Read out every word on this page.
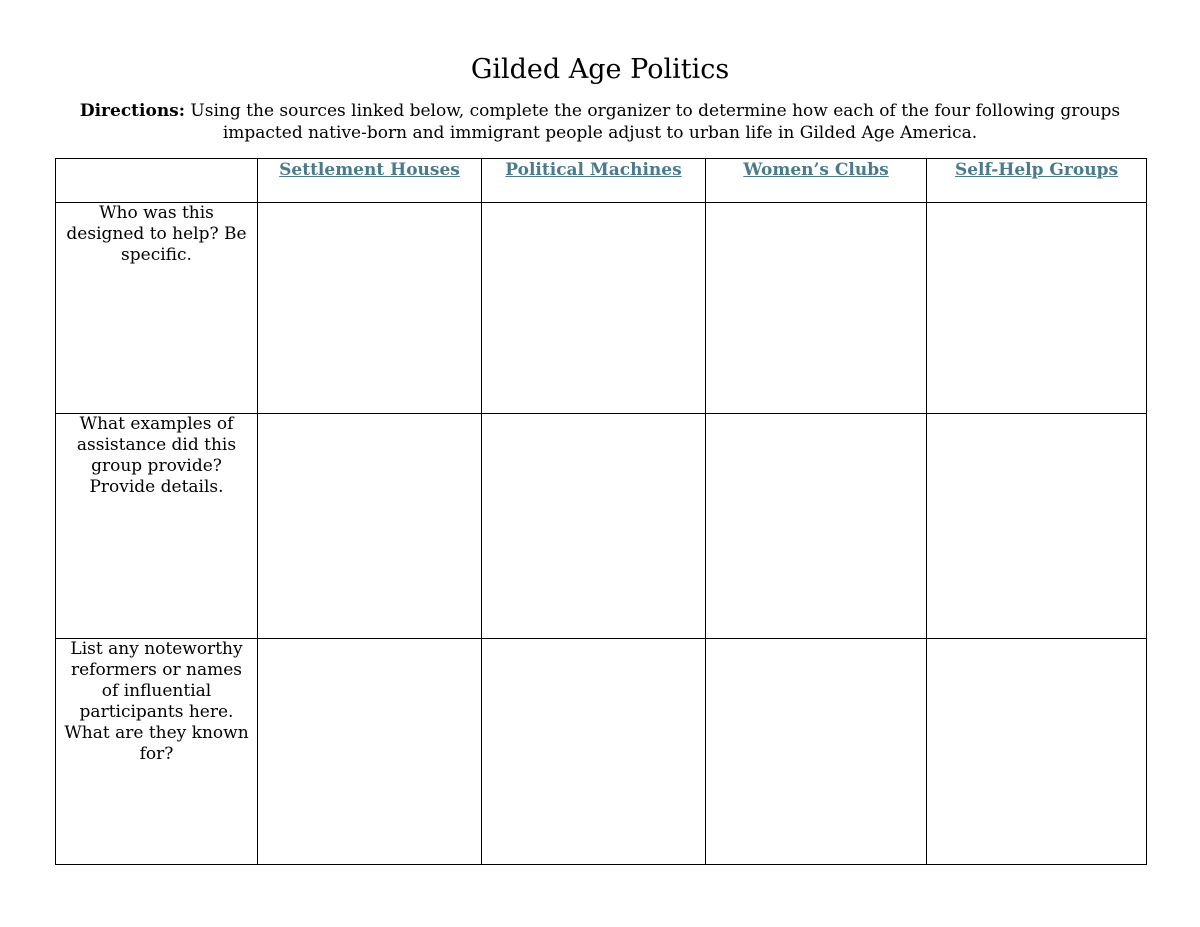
Gilded Age Politics

Directions: Using the sources linked below, complete the organizer to determine how each of the four following groups impacted native-born and immigrant people adjust to urban life in Gilded Age America.

	Settlement Houses	Political Machines	Women’s Clubs	Self-Help Groups
Who was this designed to help? Be specific.				
What examples of assistance did this group provide? Provide details.				
List any noteworthy reformers or names of influential participants here. What are they known for?				
